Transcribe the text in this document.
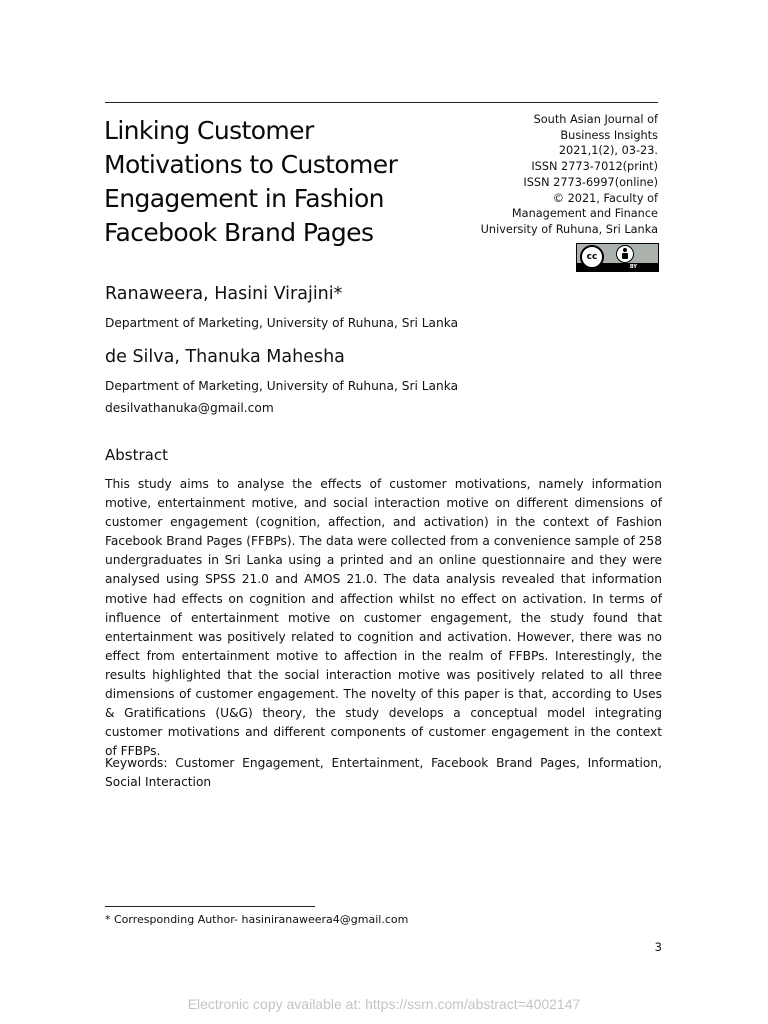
Linking Customer
Motivations to Customer
Engagement in Fashion
Facebook Brand Pages
South Asian Journal of
Business Insights
2021,1(2), 03-23.
ISSN 2773-7012(print)
ISSN 2773-6997(online)
© 2021, Faculty of
Management and Finance
University of Ruhuna, Sri Lanka
cc
BY
Ranaweera, Hasini Virajini*
Department of Marketing, University of Ruhuna, Sri Lanka
de Silva, Thanuka Mahesha
Department of Marketing, University of Ruhuna, Sri Lanka
desilvathanuka@gmail.com
Abstract

This study aims to analyse the effects of customer motivations, namely information motive, entertainment motive, and social interaction motive on different dimensions of customer engagement (cognition, affection, and activation) in the context of Fashion Facebook Brand Pages (FFBPs). The data were collected from a convenience sample of 258 undergraduates in Sri Lanka using a printed and an online questionnaire and they were analysed using SPSS 21.0 and AMOS 21.0. The data analysis revealed that information motive had effects on cognition and affection whilst no effect on activation. In terms of influence of entertainment motive on customer engagement, the study found that entertainment was positively related to cognition and activation. However, there was no effect from entertainment motive to affection in the realm of FFBPs. Interestingly, the results highlighted that the social interaction motive was positively related to all three dimensions of customer engagement. The novelty of this paper is that, according to Uses & Gratifications (U&G) theory, the study develops a conceptual model integrating customer motivations and different components of customer engagement in the context of FFBPs.

Keywords: Customer Engagement, Entertainment, Facebook Brand Pages, Information, Social Interaction

* Corresponding Author- hasiniranaweera4@gmail.com
3
Electronic copy available at: https://ssrn.com/abstract=4002147
